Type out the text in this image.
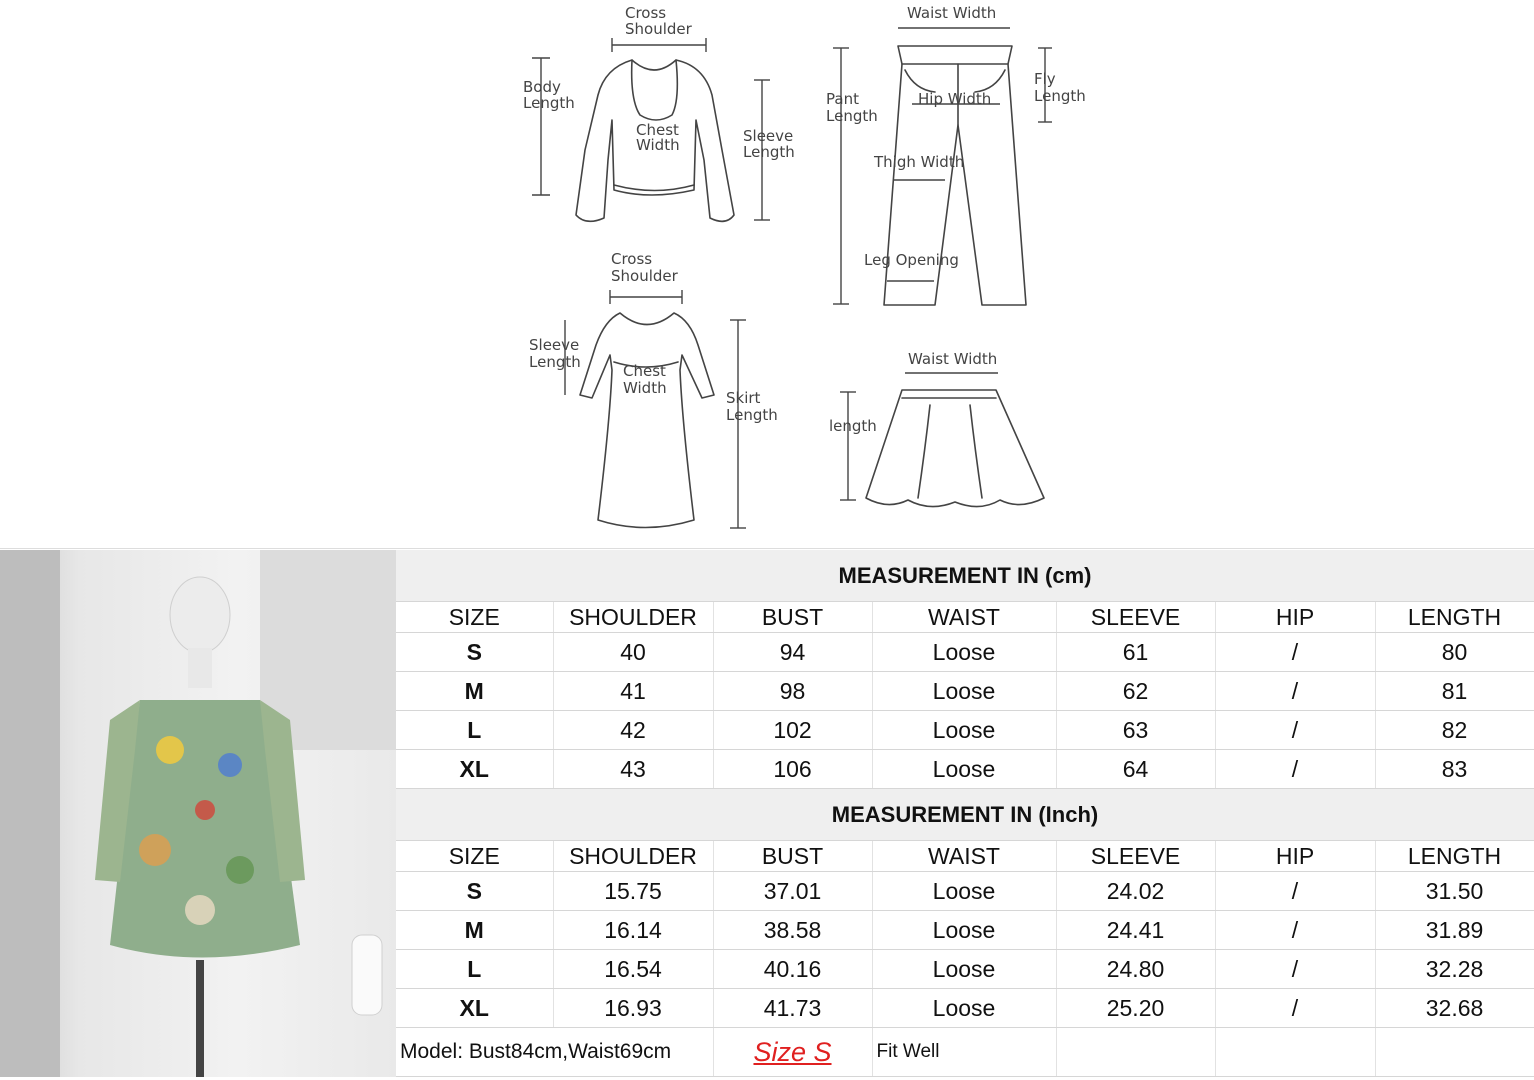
Cross
Shoulder
Body
Length
Chest
Width	Sleeve
Length
Waist Width
Pant
Length
Hip Width
Fly
Length
Thigh Width
Leg Opening
Cross
Shoulder
Sleeve
Length	Chest
Width
Skirt
Length
Waist Width
length
MEASUREMENT IN (cm)						
SIZE	SHOULDER	BUST	WAIST	SLEEVE	HIP	LENGTH
S	40	94	Loose	61	/	80
M	41	98	Loose	62	/	81
L	42	102	Loose	63	/	82
XL	43	106	Loose	64	/	83
MEASUREMENT IN (Inch)						
SIZE	SHOULDER	BUST	WAIST	SLEEVE	HIP	LENGTH
S	15.75	37.01	Loose	24.02	/	31.50
M	16.14	38.58	Loose	24.41	/	31.89
L	16.54	40.16	Loose	24.80	/	32.28
XL	16.93	41.73	Loose	25.20	/	32.68
Model: Bust84cm,Waist69cm		Size S	Fit Well			
